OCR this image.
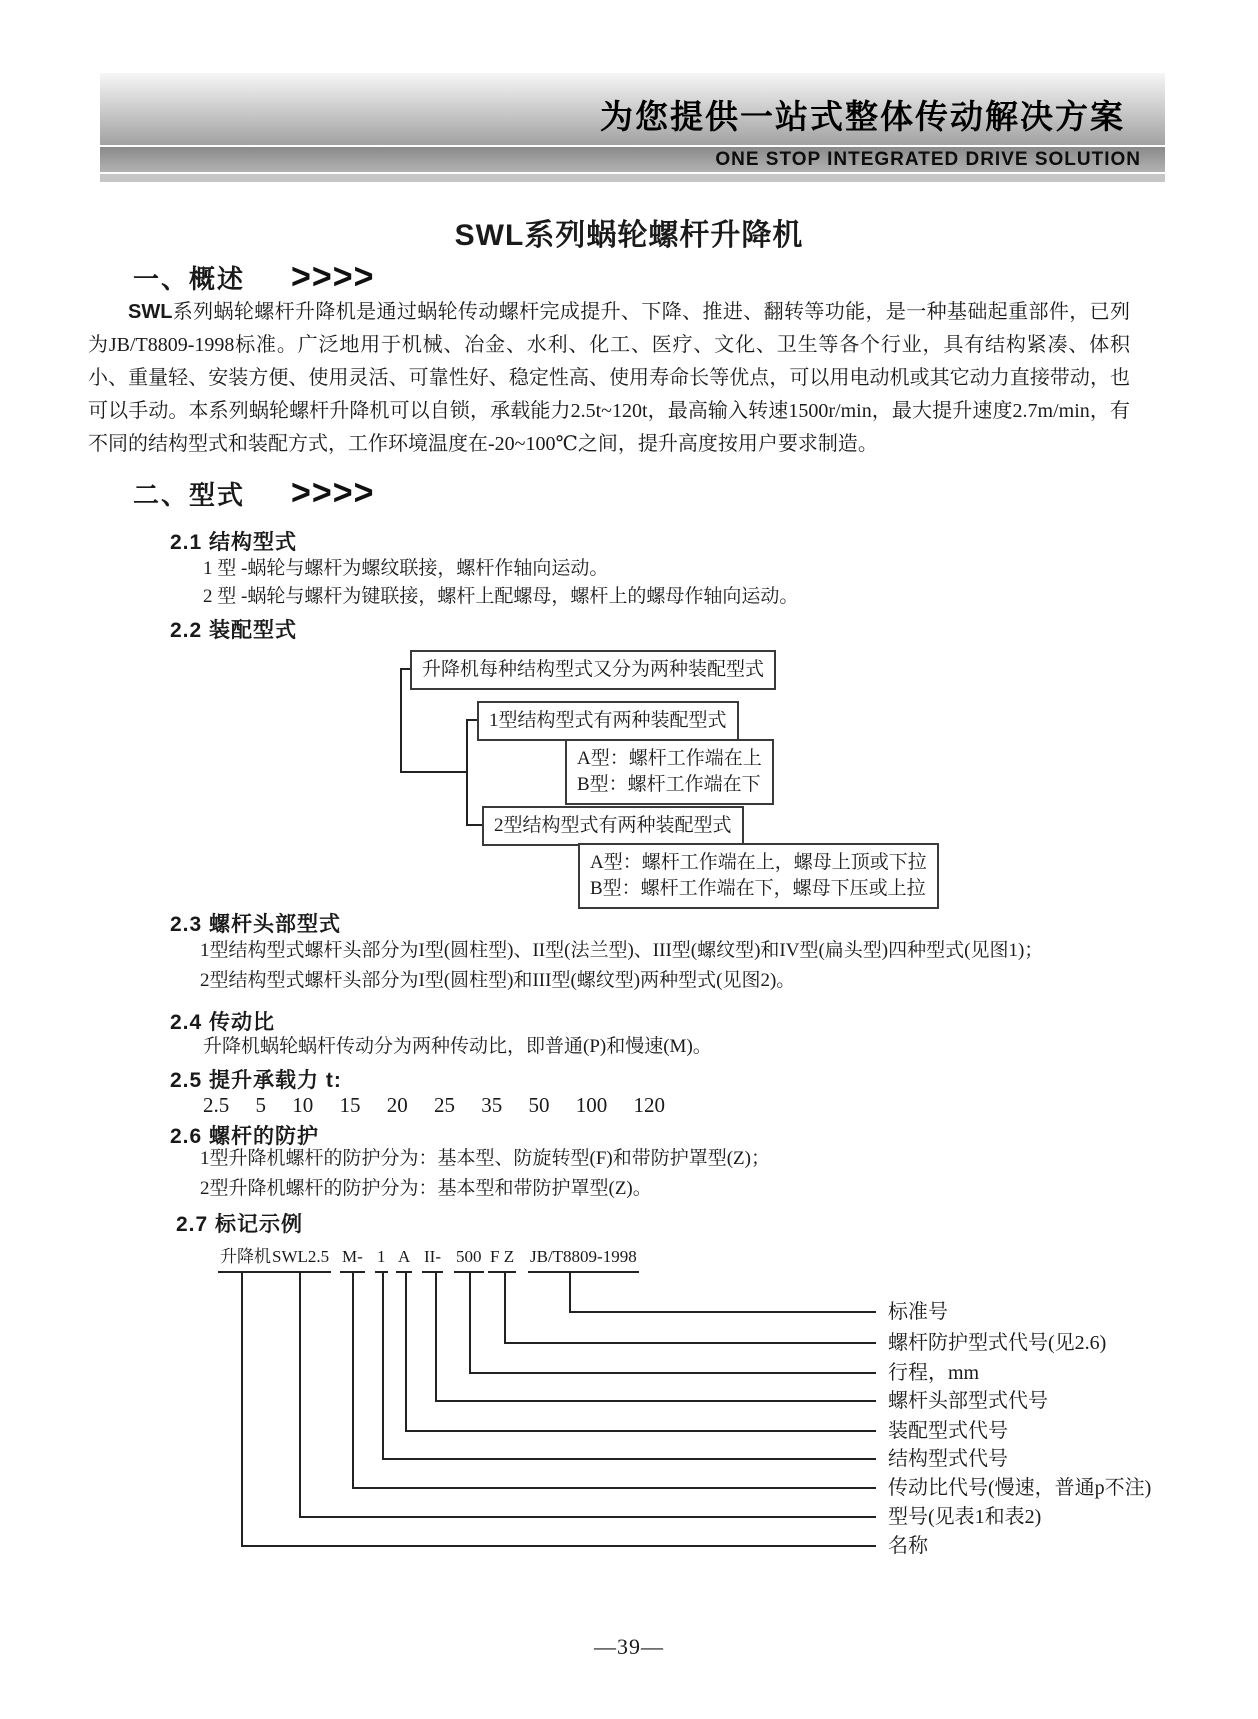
为您提供一站式整体传动解决方案
ONE STOP INTEGRATED DRIVE SOLUTION
SWL系列蜗轮螺杆升降机
一、概述 >>>>

SWL系列蜗轮螺杆升降机是通过蜗轮传动螺杆完成提升、下降、推进、翻转等功能，是一种基础起重部件，已列为JB/T8809-1998标准。广泛地用于机械、冶金、水利、化工、医疗、文化、卫生等各个行业，具有结构紧凑、体积小、重量轻、安装方便、使用灵活、可靠性好、稳定性高、使用寿命长等优点，可以用电动机或其它动力直接带动，也可以手动。本系列蜗轮螺杆升降机可以自锁，承载能力2.5t~120t，最高输入转速1500r/min，最大提升速度2.7m/min，有不同的结构型式和装配方式，工作环境温度在-20~100℃之间，提升高度按用户要求制造。

二、型式 >>>>
2.1 结构型式
1 型 -蜗轮与螺杆为螺纹联接，螺杆作轴向运动。
2 型 -蜗轮与螺杆为键联接，螺杆上配螺母，螺杆上的螺母作轴向运动。
2.2 装配型式
升降机每种结构型式又分为两种装配型式
1型结构型式有两种装配型式
A型：螺杆工作端在上
B型：螺杆工作端在下
2型结构型式有两种装配型式
A型：螺杆工作端在上，螺母上顶或下拉
B型：螺杆工作端在下，螺母下压或上拉
2.3 螺杆头部型式
1型结构型式螺杆头部分为I型(圆柱型)、II型(法兰型)、III型(螺纹型)和IV型(扁头型)四种型式(见图1)；
2型结构型式螺杆头部分为I型(圆柱型)和III型(螺纹型)两种型式(见图2)。
2.4 传动比
升降机蜗轮蜗杆传动分为两种传动比，即普通(P)和慢速(M)。
2.5 提升承载力 t:
2.5     5     10     15     20     25     35     50     100     120
2.6 螺杆的防护
1型升降机螺杆的防护分为：基本型、防旋转型(F)和带防护罩型(Z)；
2型升降机螺杆的防护分为：基本型和带防护罩型(Z)。
2.7 标记示例
升降机 SWL2.5 M- 1 A II- 500 F Z JB/T8809-1998
标准号
螺杆防护型式代号(见2.6)
行程，mm
螺杆头部型式代号
装配型式代号
结构型式代号
传动比代号(慢速，普通p不注)
型号(见表1和表2)
名称
—39—
